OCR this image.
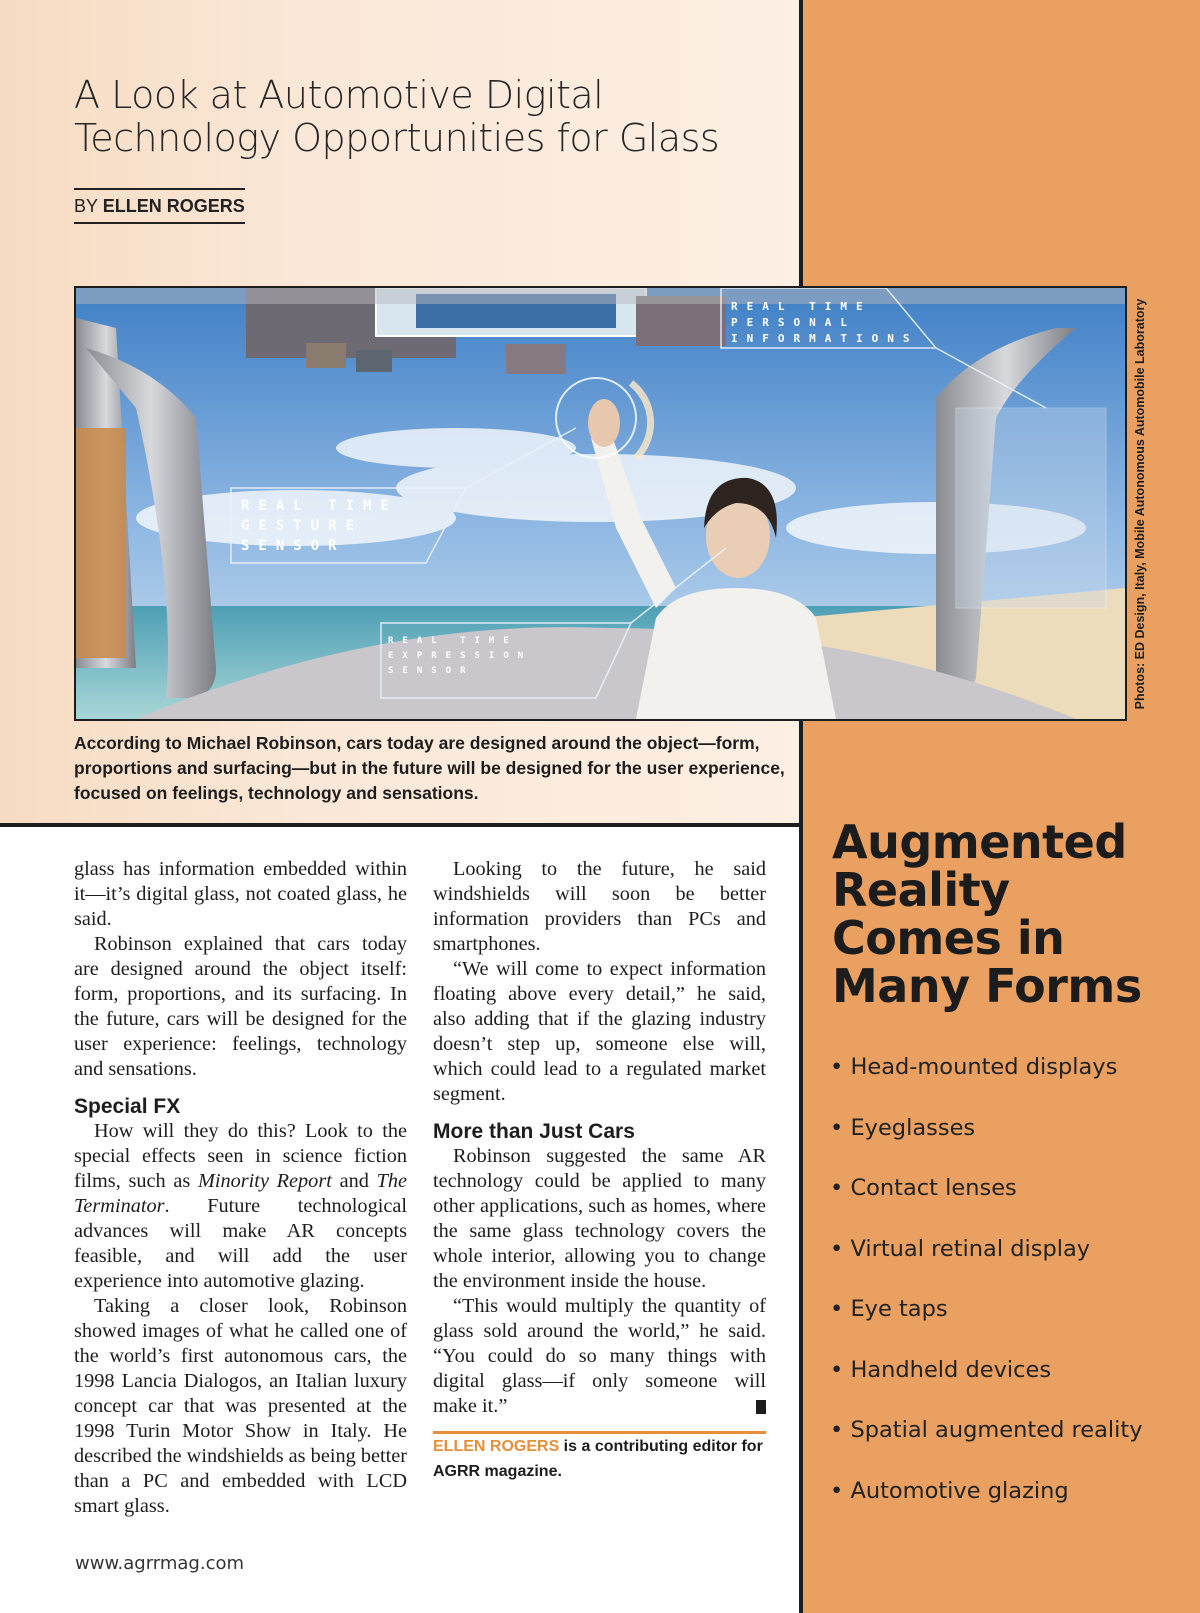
A Look at Automotive Digital Technology Opportunities for Glass
BY ELLEN ROGERS
REAL TIME
GESTURE
SENSOR
REAL TIME
PERSONAL
INFORMATIONS
REAL TIME
EXPRESSION
SENSOR	Photos: ED Design, Italy, Mobile Autonomous Automobile Laboratory

According to Michael Robinson, cars today are designed around the object—form, proportions and surfacing—but in the future will be designed for the user experience, focused on feelings, technology and sensations.

glass has information embedded within it—it’s digital glass, not coated glass, he said.

Robinson explained that cars today are designed around the object itself: form, proportions, and its surfacing. In the future, cars will be designed for the user experience: feelings, technology and sensations.

Special FX

How will they do this? Look to the special effects seen in science fiction films, such as Minority Report and The Terminator. Future technological advances will make AR concepts feasible, and will add the user experience into automotive glazing.

Taking a closer look, Robinson showed images of what he called one of the world’s first autonomous cars, the 1998 Lancia Dialogos, an Italian luxury concept car that was presented at the 1998 Turin Motor Show in Italy. He described the windshields as being better than a PC and embedded with LCD smart glass.

Looking to the future, he said windshields will soon be better information providers than PCs and smartphones.

“We will come to expect information floating above every detail,” he said, also adding that if the glazing industry doesn’t step up, someone else will, which could lead to a regulated market segment.

More than Just Cars

Robinson suggested the same AR technology could be applied to many other applications, such as homes, where the same glass technology covers the whole interior, allowing you to change the environment inside the house.

“This would multiply the quantity of glass sold around the world,” he said. “You could do so many things with digital glass—if only someone will make it.”

ELLEN ROGERS is a contributing editor for AGRR magazine.

www.agrrmag.com
Augmented Reality Comes in Many Forms
• Head-mounted displays
• Eyeglasses
• Contact lenses
• Virtual retinal display
• Eye taps
• Handheld devices
• Spatial augmented reality
• Automotive glazing
